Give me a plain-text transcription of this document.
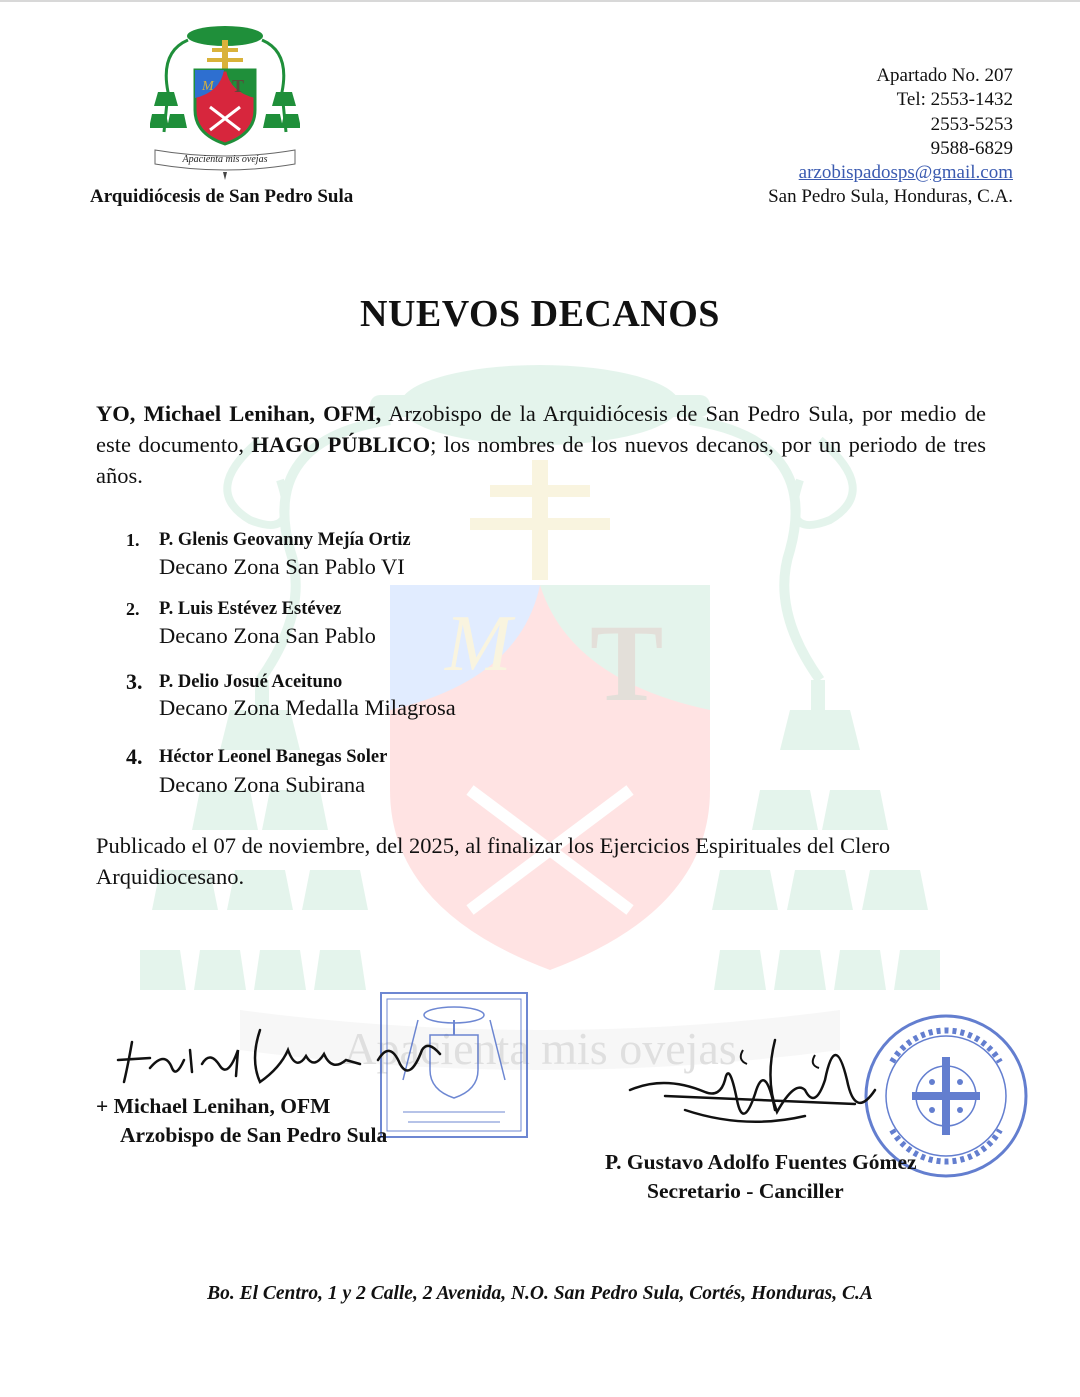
M T
Apacienta mis ovejas
M T
Apacienta mis ovejas
Arquidiócesis de San Pedro Sula
Apartado No. 207
Tel: 2553-1432
2553-5253
9588-6829
arzobispadosps@gmail.com
San Pedro Sula, Honduras, C.A.
NUEVOS DECANOS
YO, Michael Lenihan, OFM, Arzobispo de la Arquidiócesis de San Pedro Sula, por medio de este documento, HAGO PÚBLICO; los nombres de los nuevos decanos, por un periodo de tres años.
1. P. Glenis Geovanny Mejía Ortiz
Decano Zona San Pablo VI
2. P. Luis Estévez Estévez
Decano Zona San Pablo
3. P. Delio Josué Aceituno
Decano Zona Medalla Milagrosa
4. Héctor Leonel Banegas Soler
Decano Zona Subirana
Publicado el 07 de noviembre, del 2025, al finalizar los Ejercicios Espirituales del Clero Arquidiocesano.
+ Michael Lenihan, OFM
Arzobispo de San Pedro Sula
P. Gustavo Adolfo Fuentes Gómez
Secretario - Canciller
Bo. El Centro, 1 y 2 Calle, 2 Avenida, N.O. San Pedro Sula, Cortés, Honduras, C.A
